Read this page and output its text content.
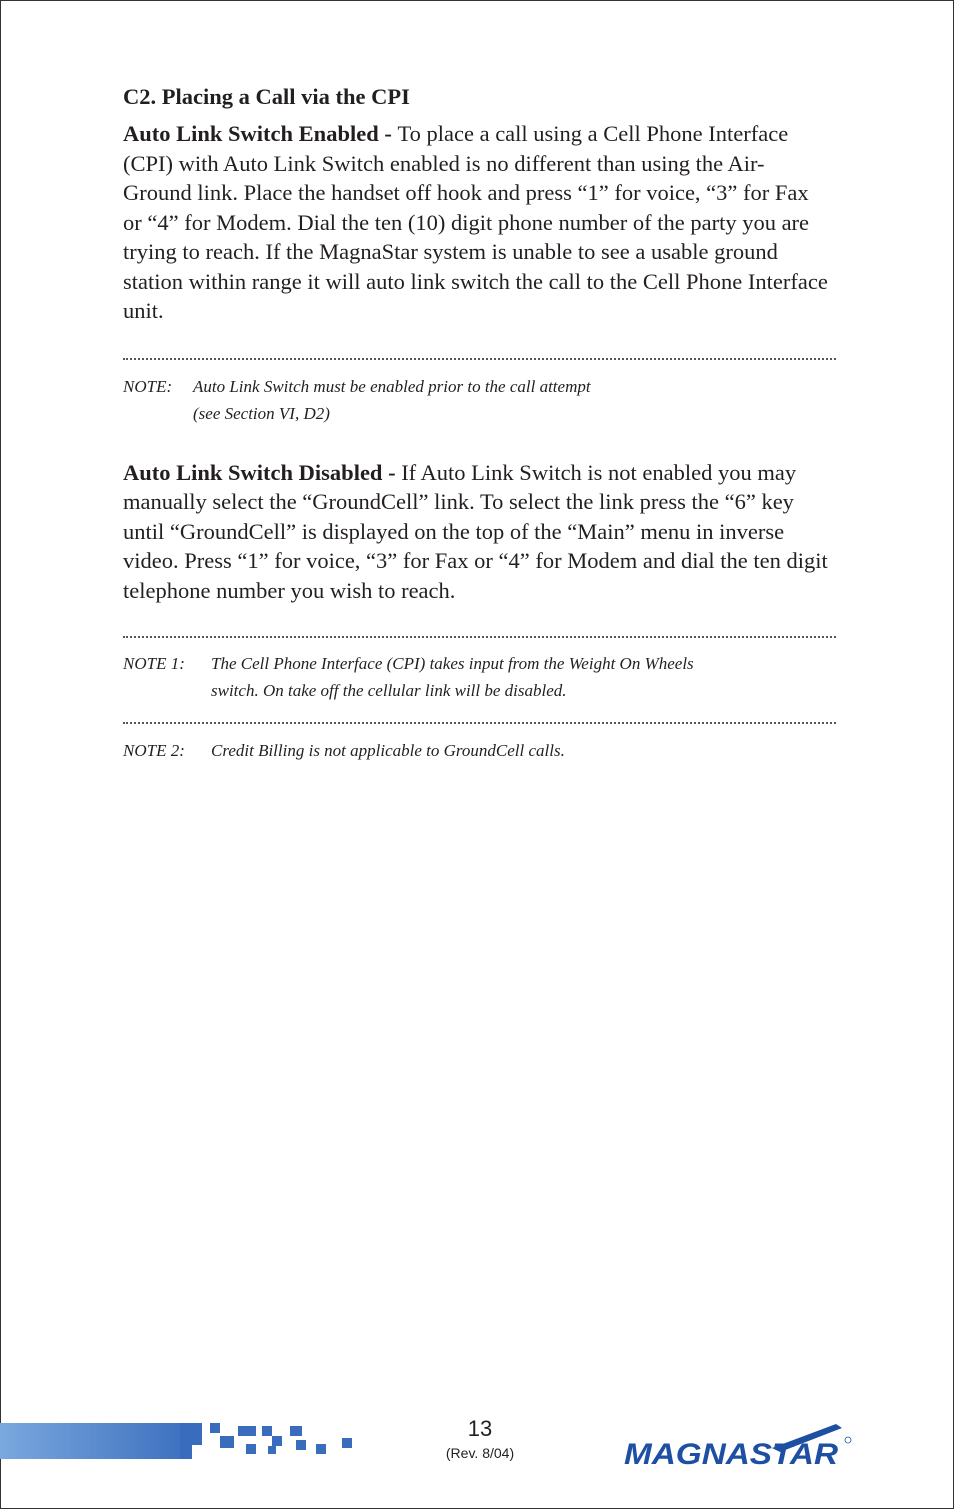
C2. Placing a Call via the CPI

Auto Link Switch Enabled - To place a call using a Cell Phone Interface (CPI) with Auto Link Switch enabled is no different than using the Air-Ground link. Place the handset off hook and press “1” for voice, “3” for Fax or “4” for Modem. Dial the ten (10) digit phone number of the party you are trying to reach. If the MagnaStar system is unable to see a usable ground station within range it will auto link switch the call to the Cell Phone Interface unit.

NOTE:	Auto Link Switch must be enabled prior to the call attempt

(see Section VI, D2)

Auto Link Switch Disabled - If Auto Link Switch is not enabled you may manually select the “GroundCell” link. To select the link press the “6” key until “GroundCell” is displayed on the top of the “Main” menu in inverse video. Press “1” for voice, “3” for Fax or “4” for Modem and dial the ten digit telephone number you wish to reach.

NOTE 1:	The Cell Phone Interface (CPI) takes input from the Weight On Wheels

switch. On take off the cellular link will be disabled.

NOTE 2:	Credit Billing is not applicable to GroundCell calls.

13
(Rev. 8/04)	MAGNASTAR
